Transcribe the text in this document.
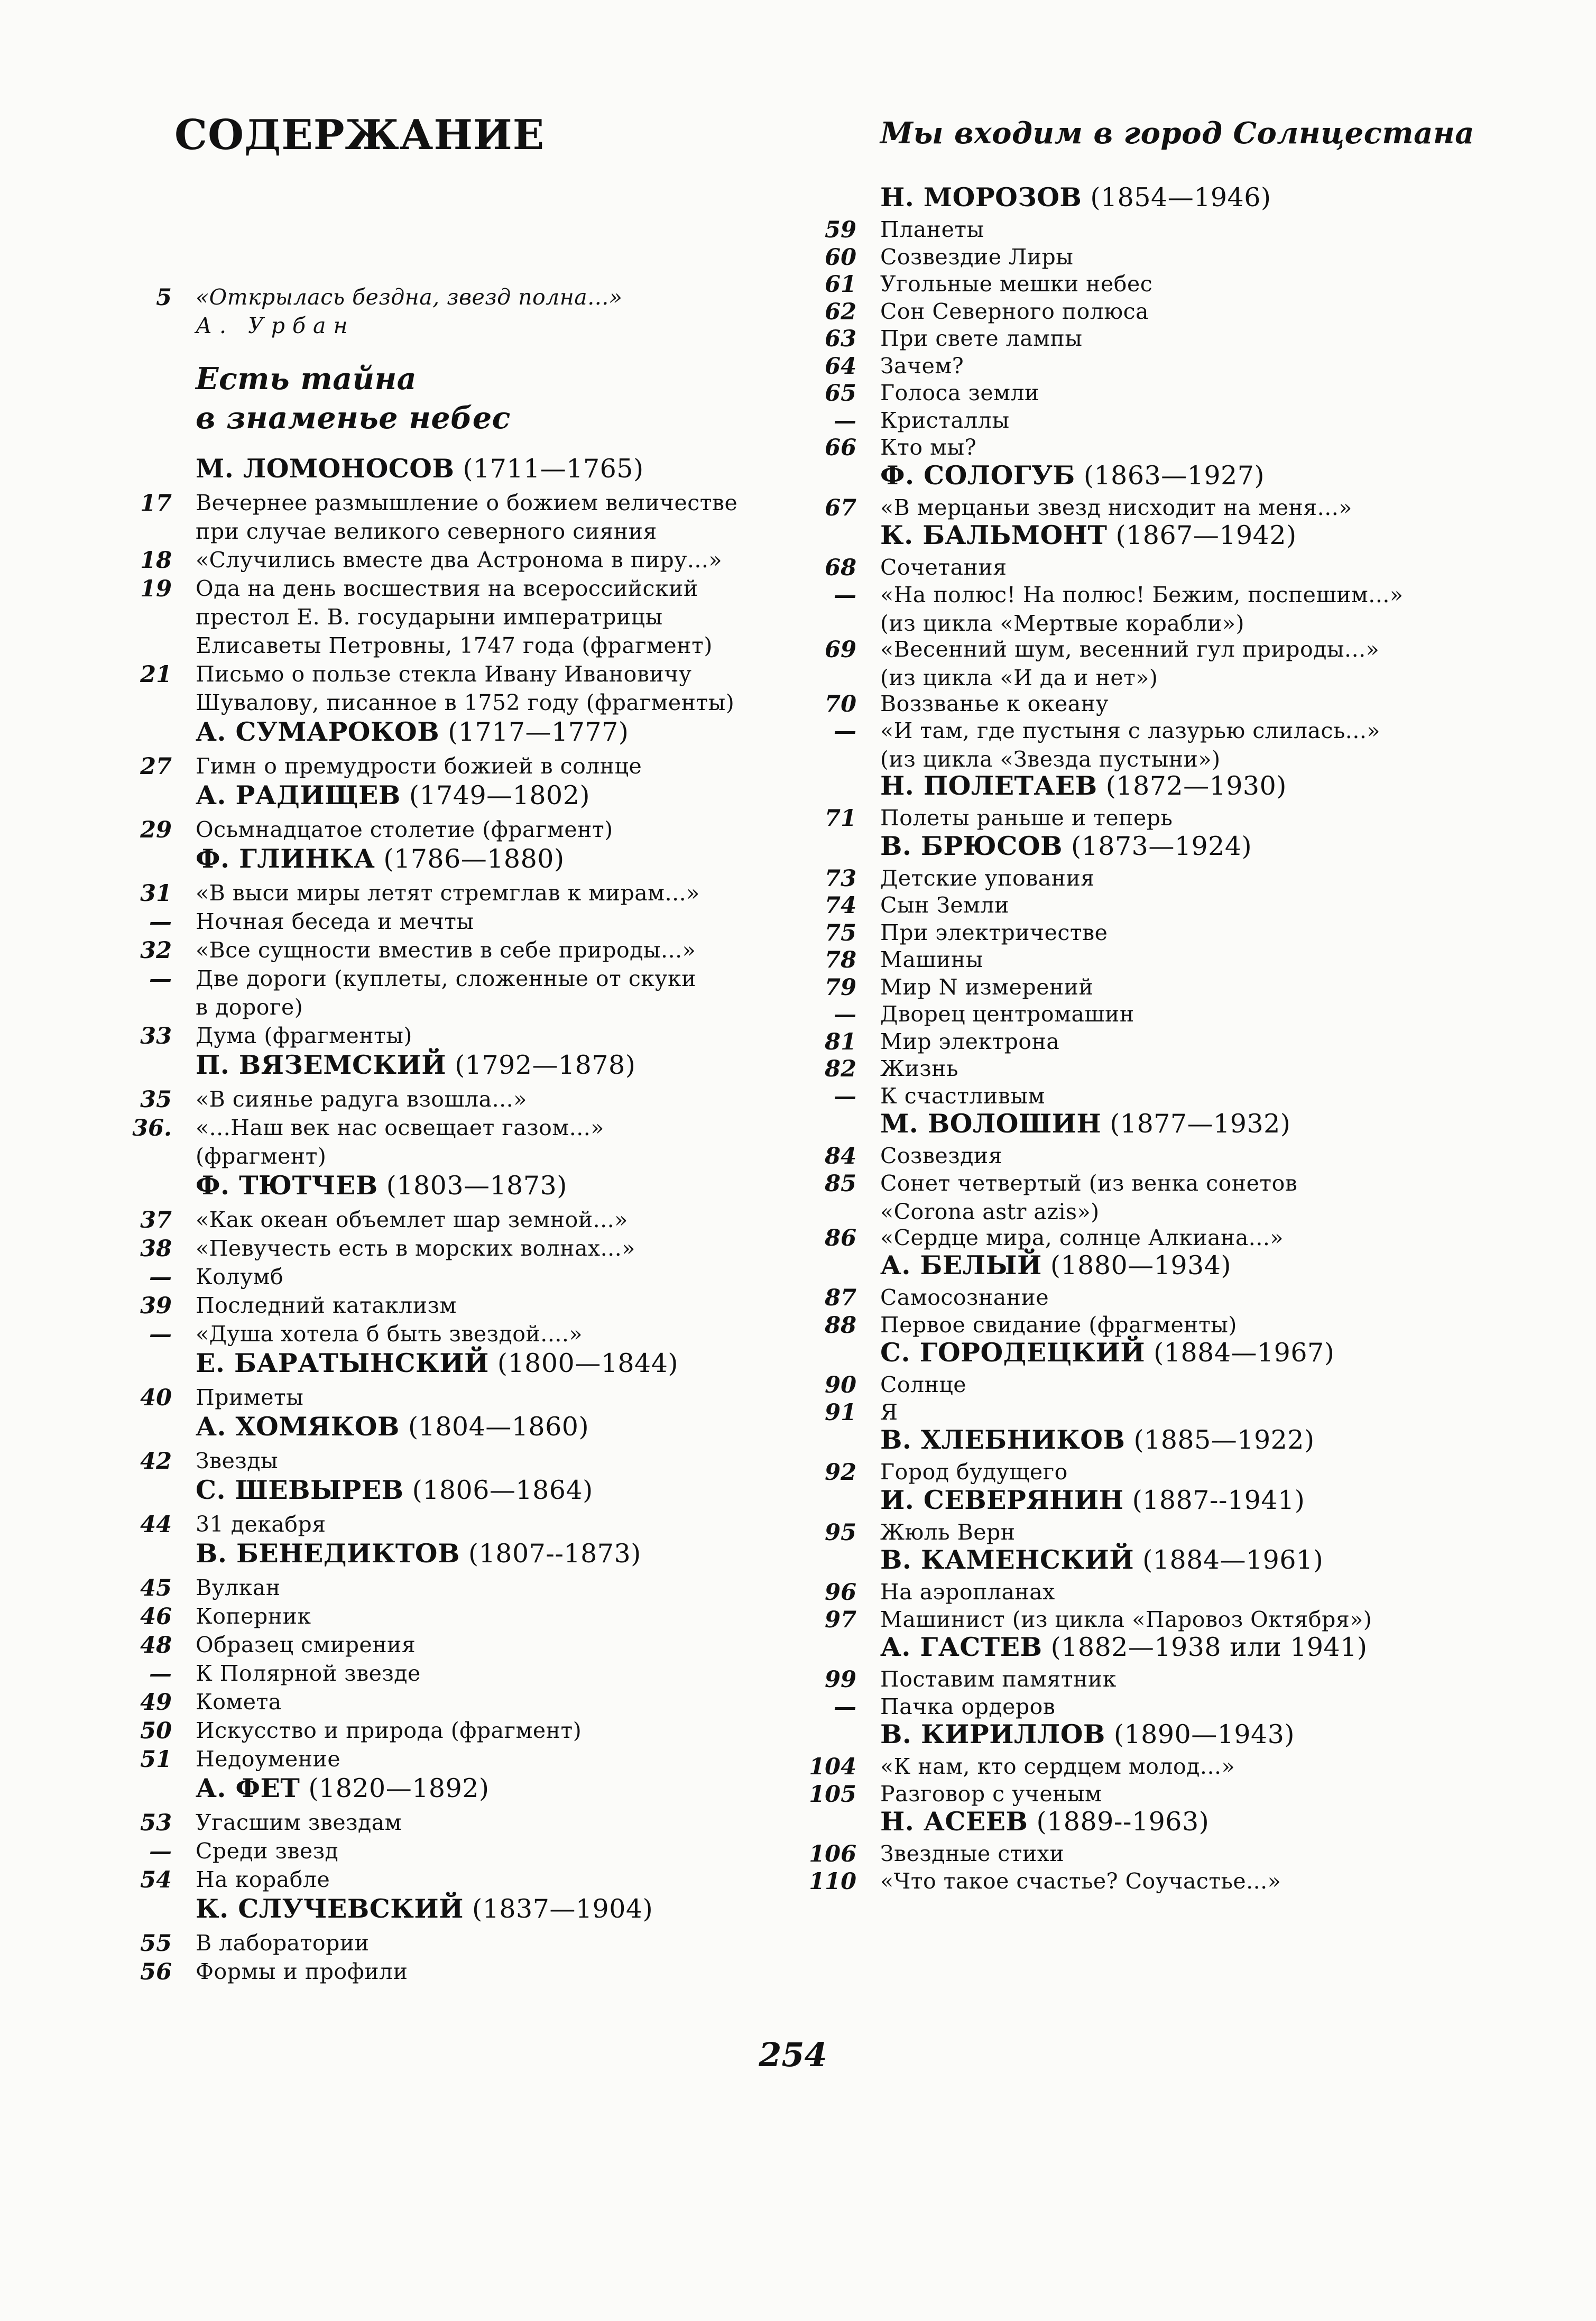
СОДЕРЖАНИЕ
5 «Открылась бездна, звезд полна...»
А. Урбан
Есть тайна
в знаменье небес
М. ЛОМОНОСОВ (1711—1765)
17 Вечернее размышление о божием величестве
при случае великого северного сияния
18 «Случились вместе два Астронома в пиру...»
19 Ода на день восшествия на всероссийский
престол Е. В. государыни императрицы
Елисаветы Петровны, 1747 года (фрагмент)
21 Письмо о пользе стекла Ивану Ивановичу
Шувалову, писанное в 1752 году (фрагменты)
А. СУМАРОКОВ (1717—1777)
27 Гимн о премудрости божией в солнце
А. РАДИЩЕВ (1749—1802)
29 Осьмнадцатое столетие (фрагмент)
Ф. ГЛИНКА (1786—1880)
31 «В выси миры летят стремглав к мирам...»
— Ночная беседа и мечты
32 «Все сущности вместив в себе природы...»
— Две дороги (куплеты, сложенные от скуки
в дороге)
33 Дума (фрагменты)
П. ВЯЗЕМСКИЙ (1792—1878)
35 «В сиянье радуга взошла...»
36. «...Наш век нас освещает газом...»
(фрагмент)
Ф. ТЮТЧЕВ (1803—1873)
37 «Как океан объемлет шар земной...»
38 «Певучесть есть в морских волнах...»
— Колумб
39 Последний катаклизм
— «Душа хотела б быть звездой....»
Е. БАРАТЫНСКИЙ (1800—1844)
40 Приметы
А. ХОМЯКОВ (1804—1860)
42 Звезды
С. ШЕВЫРЕВ (1806—1864)
44 31 декабря
В. БЕНЕДИКТОВ (1807--1873)
45 Вулкан
46 Коперник
48 Образец смирения
— К Полярной звезде
49 Комета
50 Искусство и природа (фрагмент)
51 Недоумение
А. ФЕТ (1820—1892)
53 Угасшим звездам
— Среди звезд
54 На корабле
К. СЛУЧЕВСКИЙ (1837—1904)
55 В лаборатории
56 Формы и профили
Мы входим в город Солнцестана
Н. МОРОЗОВ (1854—1946)
59 Планеты
60 Созвездие Лиры
61 Угольные мешки небес
62 Сон Северного полюса
63 При свете лампы
64 Зачем?
65 Голоса земли
— Кристаллы
66 Кто мы?
Ф. СОЛОГУБ (1863—1927)
67 «В мерцаньи звезд нисходит на меня...»
К. БАЛЬМОНТ (1867—1942)
68 Сочетания
— «На полюс! На полюс! Бежим, поспешим...»
(из цикла «Мертвые корабли»)
69 «Весенний шум, весенний гул природы...»
(из цикла «И да и нет»)
70 Воззванье к океану
— «И там, где пустыня с лазурью слилась...»
(из цикла «Звезда пустыни»)
Н. ПОЛЕТАЕВ (1872—1930)
71 Полеты раньше и теперь
В. БРЮСОВ (1873—1924)
73 Детские упования
74 Сын Земли
75 При электричестве
78 Машины
79 Мир N измерений
— Дворец центромашин
81 Мир электрона
82 Жизнь
— К счастливым
М. ВОЛОШИН (1877—1932)
84 Созвездия
85 Сонет четвертый (из венка сонетов
«Corona astr azis»)
86 «Сердце мира, солнце Алкиана...»
А. БЕЛЫЙ (1880—1934)
87 Самосознание
88 Первое свидание (фрагменты)
С. ГОРОДЕЦКИЙ (1884—1967)
90 Солнце
91 Я
В. ХЛЕБНИКОВ (1885—1922)
92 Город будущего
И. СЕВЕРЯНИН (1887--1941)
95 Жюль Верн
В. КАМЕНСКИЙ (1884—1961)
96 На аэропланах
97 Машинист (из цикла «Паровоз Октября»)
А. ГАСТЕВ (1882—1938 или 1941)
99 Поставим памятник
— Пачка ордеров
В. КИРИЛЛОВ (1890—1943)
104 «К нам, кто сердцем молод...»
105 Разговор с ученым
Н. АСЕЕВ (1889--1963)
106 Звездные стихи
110 «Что такое счастье? Соучастье...»
254
